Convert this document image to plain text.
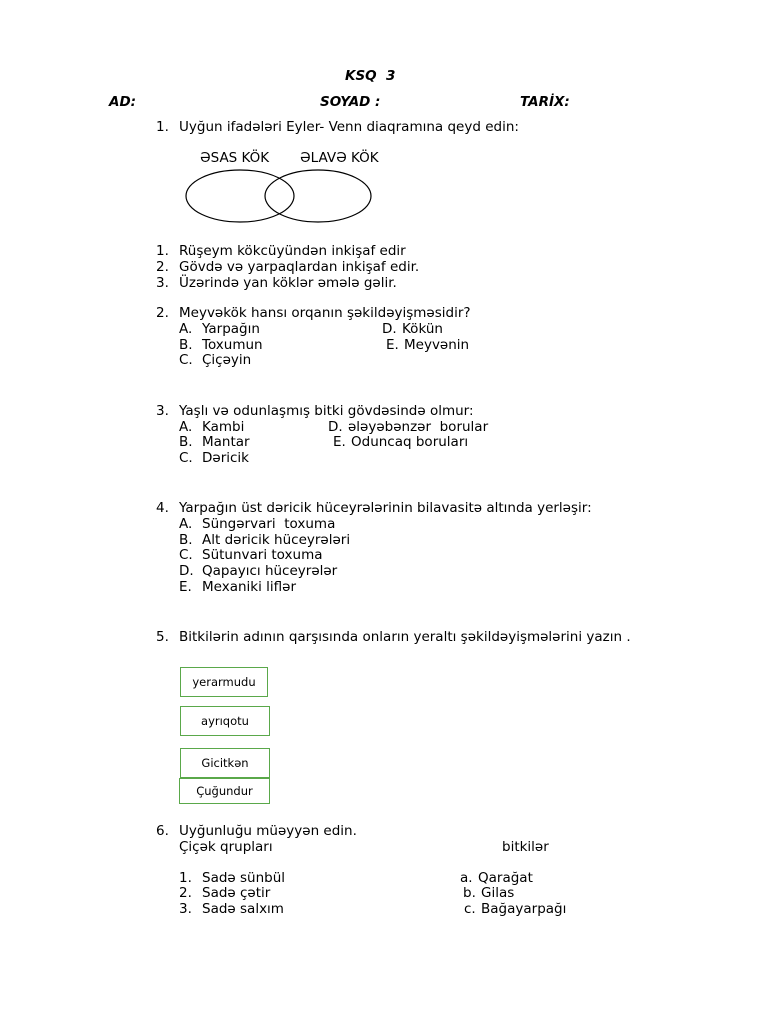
KSQ  3
AD:	SOYAD :	TARİX:
1. Uyğun ifadələri Eyler- Venn diaqramına qeyd edin:
ƏSAS KÖK ƏLAVƏ KÖK
1. Rüşeym kökcüyündən inkişaf edir
2. Gövdə və yarpaqlardan inkişaf edir.
3. Üzərində yan köklər əmələ gəlir.
2. Meyvəkök hansı orqanın şəkildəyişməsidir?
A. Yarpağın
B. Toxumun
C. Çiçəyin
D. Kökün
E. Meyvənin
3. Yaşlı və odunlaşmış bitki gövdəsində olmur:
A. Kambi
B. Mantar
C. Dəricik
D. ələyəbənzər  borular
E. Oduncaq boruları
4. Yarpağın üst dəricik hüceyrələrinin bilavasitə altında yerləşir:
A. Süngərvari  toxuma
B. Alt dəricik hüceyrələri
C. Sütunvari toxuma
D. Qapayıcı hüceyrələr
E. Mexaniki liflər
5. Bitkilərin adının qarşısında onların yeraltı şəkildəyişmələrini yazın .
yerarmudu
ayrıqotu
Gicitkən
Çuğundur
6. Uyğunluğu müəyyən edin.
Çiçək qrupları	bitkilər
1. Sadə sünbül
2. Sadə çətir
3. Sadə salxım
a. Qarağat
b. Gilas
c. Bağayarpağı
